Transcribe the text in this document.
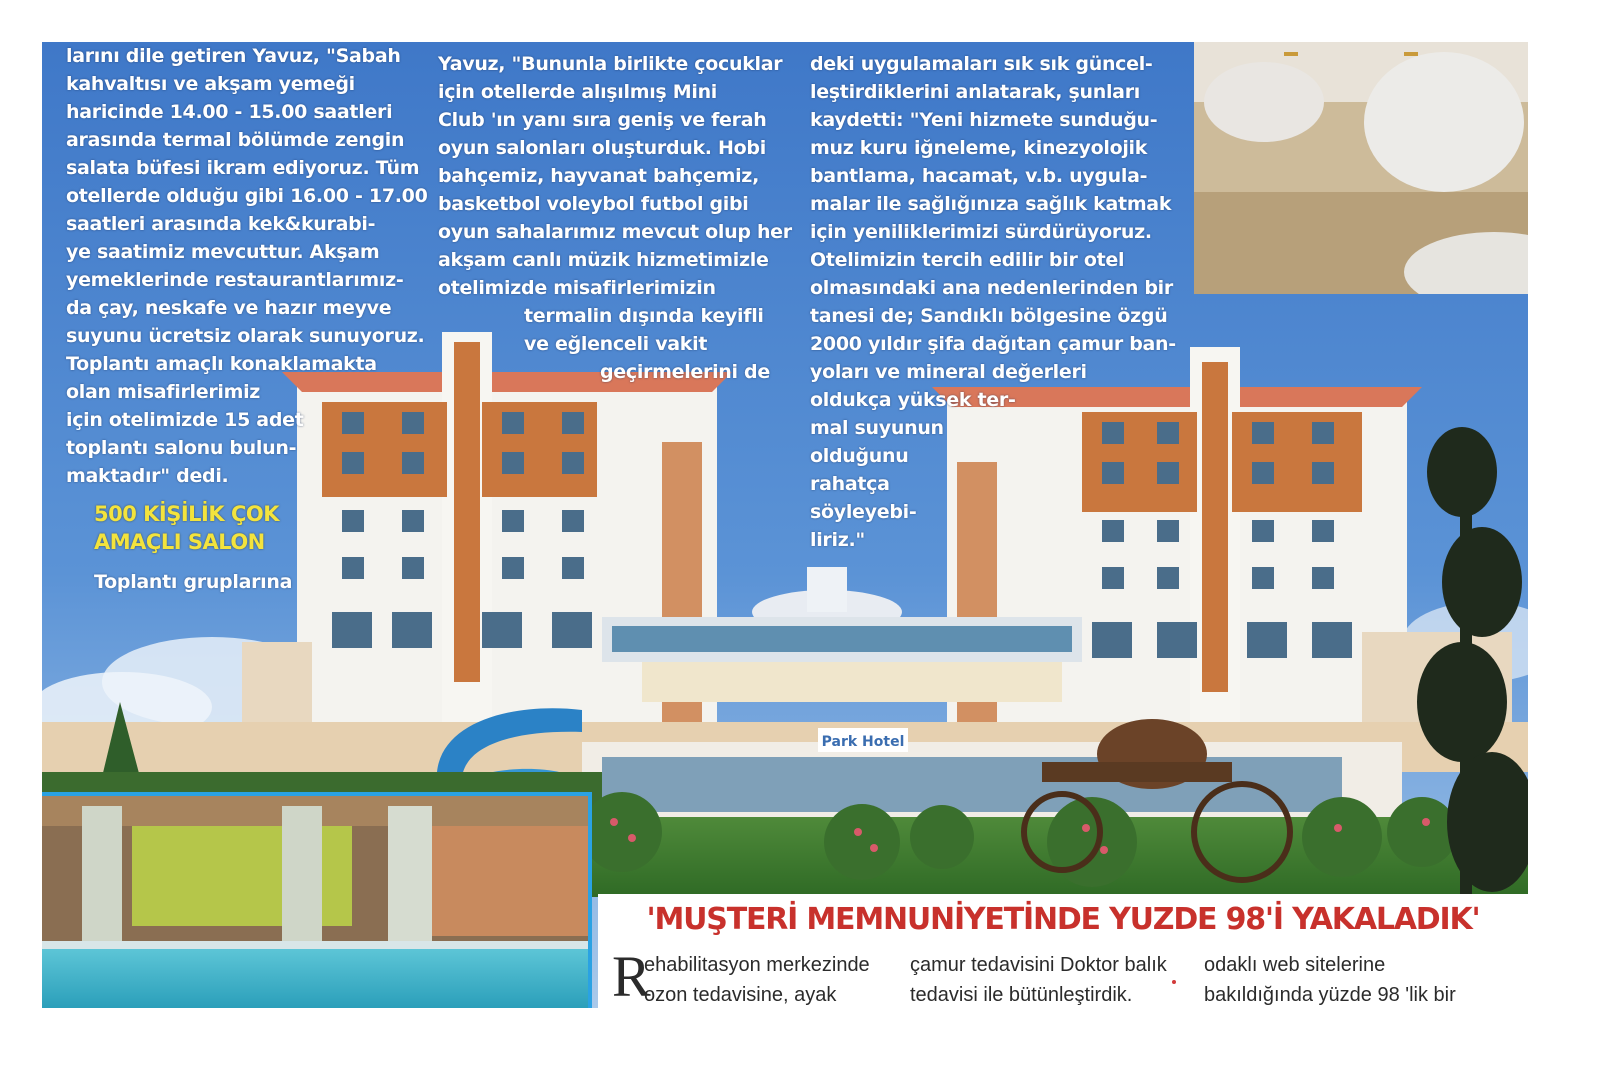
Park Hotel
larını dile getiren Yavuz, "Sabah
kahvaltısı ve akşam yemeği
haricinde 14.00 - 15.00 saatleri
arasında termal bölümde zengin
salata büfesi ikram ediyoruz. Tüm
otellerde olduğu gibi 16.00 - 17.00
saatleri arasında kek&kurabi-
ye saatimiz mevcuttur. Akşam
yemeklerinde restaurantlarımız-
da çay, neskafe ve hazır meyve
suyunu ücretsiz olarak sunuyoruz.
Toplantı amaçlı konaklamakta
olan misafirlerimiz
için otelimizde 15 adet
toplantı salonu bulun-
maktadır" dedi.
500 KİŞİLİK ÇOK
AMAÇLI SALON
Toplantı gruplarına
Yavuz, "Bununla birlikte çocuklar
için otellerde alışılmış Mini
Club 'ın yanı sıra geniş ve ferah
oyun salonları oluşturduk. Hobi
bahçemiz, hayvanat bahçemiz,
basketbol voleybol futbol gibi
oyun sahalarımız mevcut olup her
akşam canlı müzik hizmetimizle
otelimizde misafirlerimizin
termalin dışında keyifli
ve eğlenceli vakit
geçirmelerini de
deki uygulamaları sık sık güncel-
leştirdiklerini anlatarak, şunları
kaydetti: "Yeni hizmete sunduğu-
muz kuru iğneleme, kinezyolojik
bantlama, hacamat, v.b. uygula-
malar ile sağlığınıza sağlık katmak
için yeniliklerimizi sürdürüyoruz.
Otelimizin tercih edilir bir otel
olmasındaki ana nedenlerinden bir
tanesi de; Sandıklı bölgesine özgü
2000 yıldır şifa dağıtan çamur ban-
yoları ve mineral değerleri
oldukça yüksek ter-
mal suyunun
olduğunu
rahatça
söyleyebi-
liriz."
'MUŞTERİ MEMNUNİYETİNDE YUZDE 98'İ YAKALADIK'
R
ehabilitasyon merkezinde
ozon tedavisine, ayak
çamur tedavisini Doktor balık
tedavisi ile bütünleştirdik.
odaklı web sitelerine
bakıldığında yüzde 98 'lik bir
